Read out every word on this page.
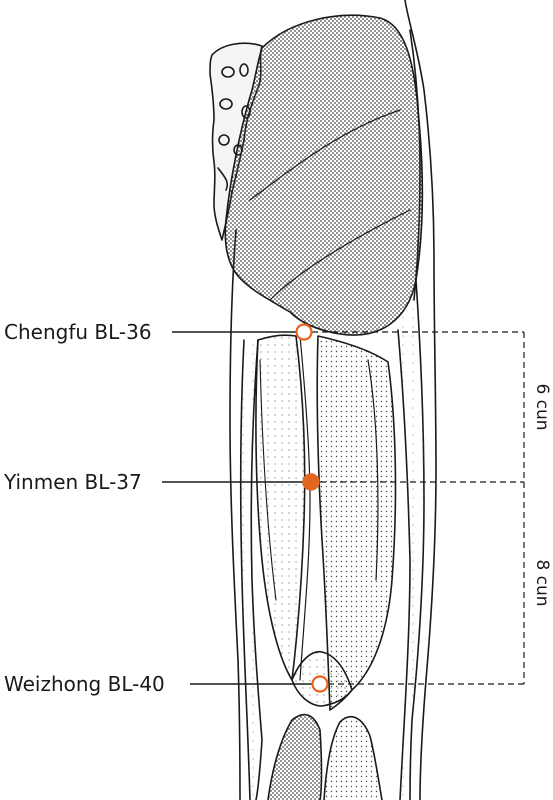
6 cun
8 cun
Chengfu BL-36
Yinmen BL-37
Weizhong BL-40
